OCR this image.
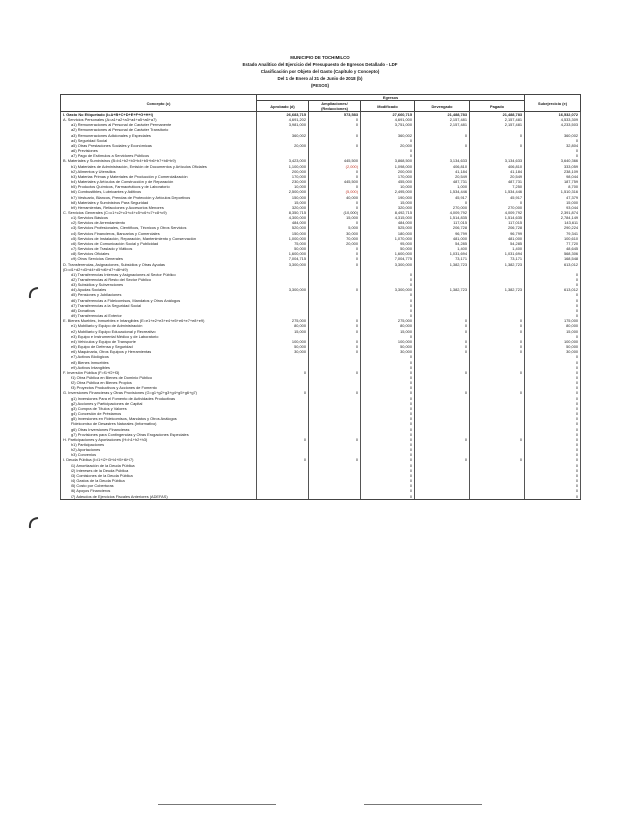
MUNICIPIO DE TOCHIMILCO
Estado Analítico del Ejercicio del Presupuesto de Egresos Detallado - LDF
Clasificación por Objeto del Gasto (Capítulo y Concepto)
Del 1 de Enero al 31 de Junio de 2018 (b)
(PESOS)
Concepto (c)	Egresos					Subejercicio (e)
	Aprobado (d)	Ampliaciones/ (Reducciones)	Modificado	Devengado	Pagado	
I. Gasto No Etiquetado (I=A+B+C+D+E+F+G+H+I)	26,683,715	573,583	27,660,715	21,488,783	21,488,783	16,532,072
A. Servicios Personales (A=a1+a2+a3+a4+a5+a6+a7)	4,691,202	0	4,691,000	2,157,481	2,157,481	4,533,309
a1) Remuneraciones al Personal de Carácter Permanente	3,981,000	0	3,751,000	2,157,481	2,157,481	4,233,503
a2) Remuneraciones al Personal de Carácter Transitorio						
a3) Remuneraciones Adicionales y Especiales	360,002	0	360,002	0	0	360,002
a4) Seguridad Social			0			0
a5) Otras Prestaciones Sociales y Económicas	20,000	0	20,000	0	0	32,804
a6) Previsiones			0			0
a7) Pago de Estímulos a Servidores Públicos			0			0
B. Materiales y Suministros (B=b1+b2+b3+b4+b5+b6+b7+b8+b9)	3,423,000	445,500	3,868,500	3,134,633	3,134,633	3,640,366
b1) Materiales de Administración, Emisión de Documentos y Artículos Oficiales	1,100,000	(2,000)	1,098,000	406,810	406,810	333,059
b2) Alimentos y Utensilios	200,000	0	200,000	41,184	41,184	238,109
b3) Materias Primas y Materiales de Producción y Comercialización	170,000	0	170,000	20,549	20,549	98,044
b4) Materiales y Artículos de Construcción y de Reparación	230,000	445,500	455,000	487,731	487,731	187,759
b5) Productos Químicos, Farmacéuticos y de Laboratorio	10,000	0	10,000	1,000	7,250	8,700
b6) Combustibles, Lubricantes y Aditivos	2,500,000	(5,000)	2,495,000	1,534,446	1,534,446	1,510,316
b7) Vestuario, Blancos, Prendas de Protección y Artículos Deportivos	150,000	40,000	190,000	45,917	45,917	47,379
b8) Materiales y Suministros Para Seguridad	15,000	0	15,000	0	0	15,000
b9) Herramientas, Refacciones y Accesorios Menores	320,000	0	320,000	270,000	270,000	93,044
C. Servicios Generales (C=c1+c2+c3+c4+c5+c6+c7+c8+c9)	8,350,715	(10,000)	8,492,715	4,009,792	4,009,792	2,391,874
c1) Servicios Básicos	4,300,000	15,000	4,315,000	1,514,835	1,514,635	2,784,149
c2) Servicios de Arrendamiento	484,000	0	484,000	117,015	117,015	143,611
c3) Servicios Profesionales, Científicos, Técnicos y Otros Servicios	520,000	5,000	525,000	206,728	206,728	290,224
c4) Servicios Financieros, Bancarios y Comerciales	150,000	30,000	180,000	96,799	96,799	79,341
c5) Servicios de Instalación, Reparación, Mantenimiento y Conservación	1,000,000	70,000	1,070,000	481,000	481,000	100,610
c6) Servicios de Comunicación Social y Publicidad	75,000	20,000	95,000	54,285	54,285	77,720
c7) Servicios de Traslado y Viáticos	50,000	0	50,000	1,400	1,400	48,645
c8) Servicios Oficiales	1,600,000	0	1,600,000	1,031,694	1,031,694	568,306
c9) Otros Servicios Generales	7,004,715	0	7,004,775	73,171	73,171	168,548
D. Transferencias, Asignaciones, Subsidios y Otras Ayudas	3,300,000	0	3,300,000	1,382,723	1,382,723	613,012
(D=d1+d2+d3+d4+d5+d6+d7+d8+d9)						
d1) Transferencias Internas y Asignaciones al Sector Público			0			0
d2) Transferencias al Resto del Sector Público			0			0
d3) Subsidios y Subvenciones			0			0
d4) Ayudas Sociales	3,300,000	0	3,300,000	1,382,723	1,382,723	613,012
d5) Pensiones y Jubilaciones			0			0
d6) Transferencias a Fideicomisos, Mandatos y Otros Análogos			0			0
d7) Transferencias a la Seguridad Social			0			0
d8) Donativos			0			0
d9) Transferencias al Exterior			0			0
E. Bienes Muebles, Inmuebles e Intangibles (E=e1+e2+e3+e4+e5+e6+e7+e8+e9)	275,000	0	275,000	0	0	175,000
e1) Mobiliario y Equipo de Administración	80,000	0	80,000	0	0	80,000
e2) Mobiliario y Equipo Educacional y Recreativo	15,000	0	15,000	0	0	15,000
e3) Equipo e Instrumental Médico y de Laboratorio			0			0
e4) Vehículos y Equipo de Transporte	100,000	0	100,000	0	0	100,000
e5) Equipo de Defensa y Seguridad	50,000	0	50,000	0	0	50,000
e6) Maquinaria, Otros Equipos y Herramientas	30,000	0	30,000	0	0	30,000
e7) Activos Biológicos			0			0
e8) Bienes Inmuebles			0			0
e9) Activos Intangibles			0			0
F. Inversión Pública (F=f1+f2+f3)	0	0	0	0	0	0
f1) Obra Pública en Bienes de Dominio Público			0			0
f2) Obra Pública en Bienes Propios			0			0
f3) Proyectos Productivos y Acciones de Fomento			0			0
G. Inversiones Financieras y Otras Provisiones (G=g1+g2+g3+g4+g5+g6+g7)	0	0	0	0	0	0
g1) Inversiones Para el Fomento de Actividades Productivas			0			0
g2) Acciones y Participaciones de Capital			0			0
g3) Compra de Títulos y Valores			0			0
g4) Concesión de Préstamos			0			0
g5) Inversiones en Fideicomisos, Mandatos y Otros Análogos			0			0
Fideicomiso de Desastres Naturales (Informativo)			0			0
g6) Otras Inversiones Financieras			0			0
g7) Provisiones para Contingencias y Otras Erogaciones Especiales			0			0
H. Participaciones y Aportaciones (H=h1+h2+h3)	0	0	0	0	0	0
h1) Participaciones			0			0
h2) Aportaciones			0			0
h3) Convenios			0			0
I. Deuda Pública (I=i1+i2+i3+i4+i5+i6+i7)	0	0	0	0	0	0
i1) Amortización de la Deuda Pública			0			0
i2) Intereses de la Deuda Pública			0			0
i3) Comisiones de la Deuda Pública			0			0
i4) Gastos de la Deuda Pública			0			0
i5) Costo por Coberturas			0			0
i6) Apoyos Financieros			0			0
i7) Adeudos de Ejercicios Fiscales Anteriores (ADEFAS)			0			0
